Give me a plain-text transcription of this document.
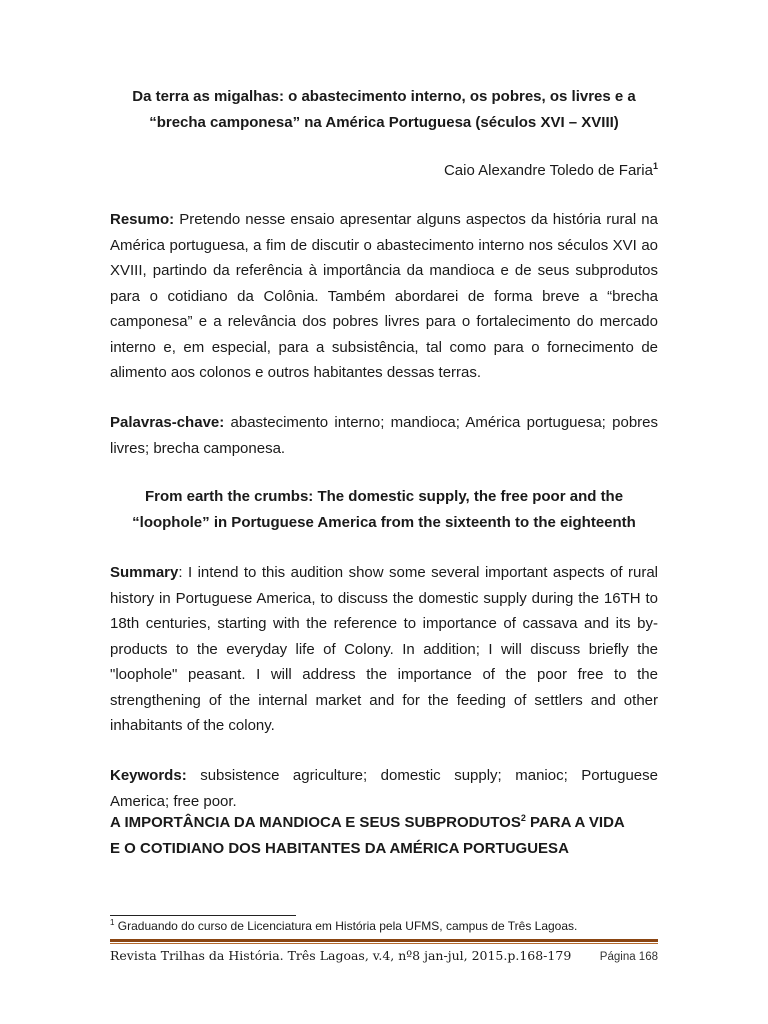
Da terra as migalhas: o abastecimento interno, os pobres, os livres e a
“brecha camponesa” na América Portuguesa (séculos XVI – XVIII)
Caio Alexandre Toledo de Faria$^1$
Resumo: Pretendo nesse ensaio apresentar alguns aspectos da história rural na América portuguesa, a fim de discutir o abastecimento interno nos séculos XVI ao XVIII, partindo da referência à importância da mandioca e de seus subprodutos para o cotidiano da Colônia. Também abordarei de forma breve a “brecha camponesa” e a relevância dos pobres livres para o fortalecimento do mercado interno e, em especial, para a subsistência, tal como para o fornecimento de alimento aos colonos e outros habitantes dessas terras.
Palavras-chave: abastecimento interno; mandioca; América portuguesa; pobres livres; brecha camponesa.
From earth the crumbs: The domestic supply, the free poor and the
“loophole” in Portuguese America from the sixteenth to the eighteenth
Summary: I intend to this audition show some several important aspects of rural history in Portuguese America, to discuss the domestic supply during the 16TH to 18th centuries, starting with the reference to importance of cassava and its by-products to the everyday life of Colony. In addition; I will discuss briefly the "loophole" peasant. I will address the importance of the poor free to the strengthening of the internal market and for the feeding of settlers and other inhabitants of the colony.
Keywords: subsistence agriculture; domestic supply; manioc; Portuguese America; free poor.
A IMPORTÂNCIA DA MANDIOCA E SEUS SUBPRODUTOS$^2$ PARA A VIDA
E O COTIDIANO DOS HABITANTES DA AMÉRICA PORTUGUESA
$^1$ Graduando do curso de Licenciatura em História pela UFMS, campus de Três Lagoas.
Revista Trilhas da História. Três Lagoas, v.4, nº8 jan-jul, 2015.p.168-179 Página 168
